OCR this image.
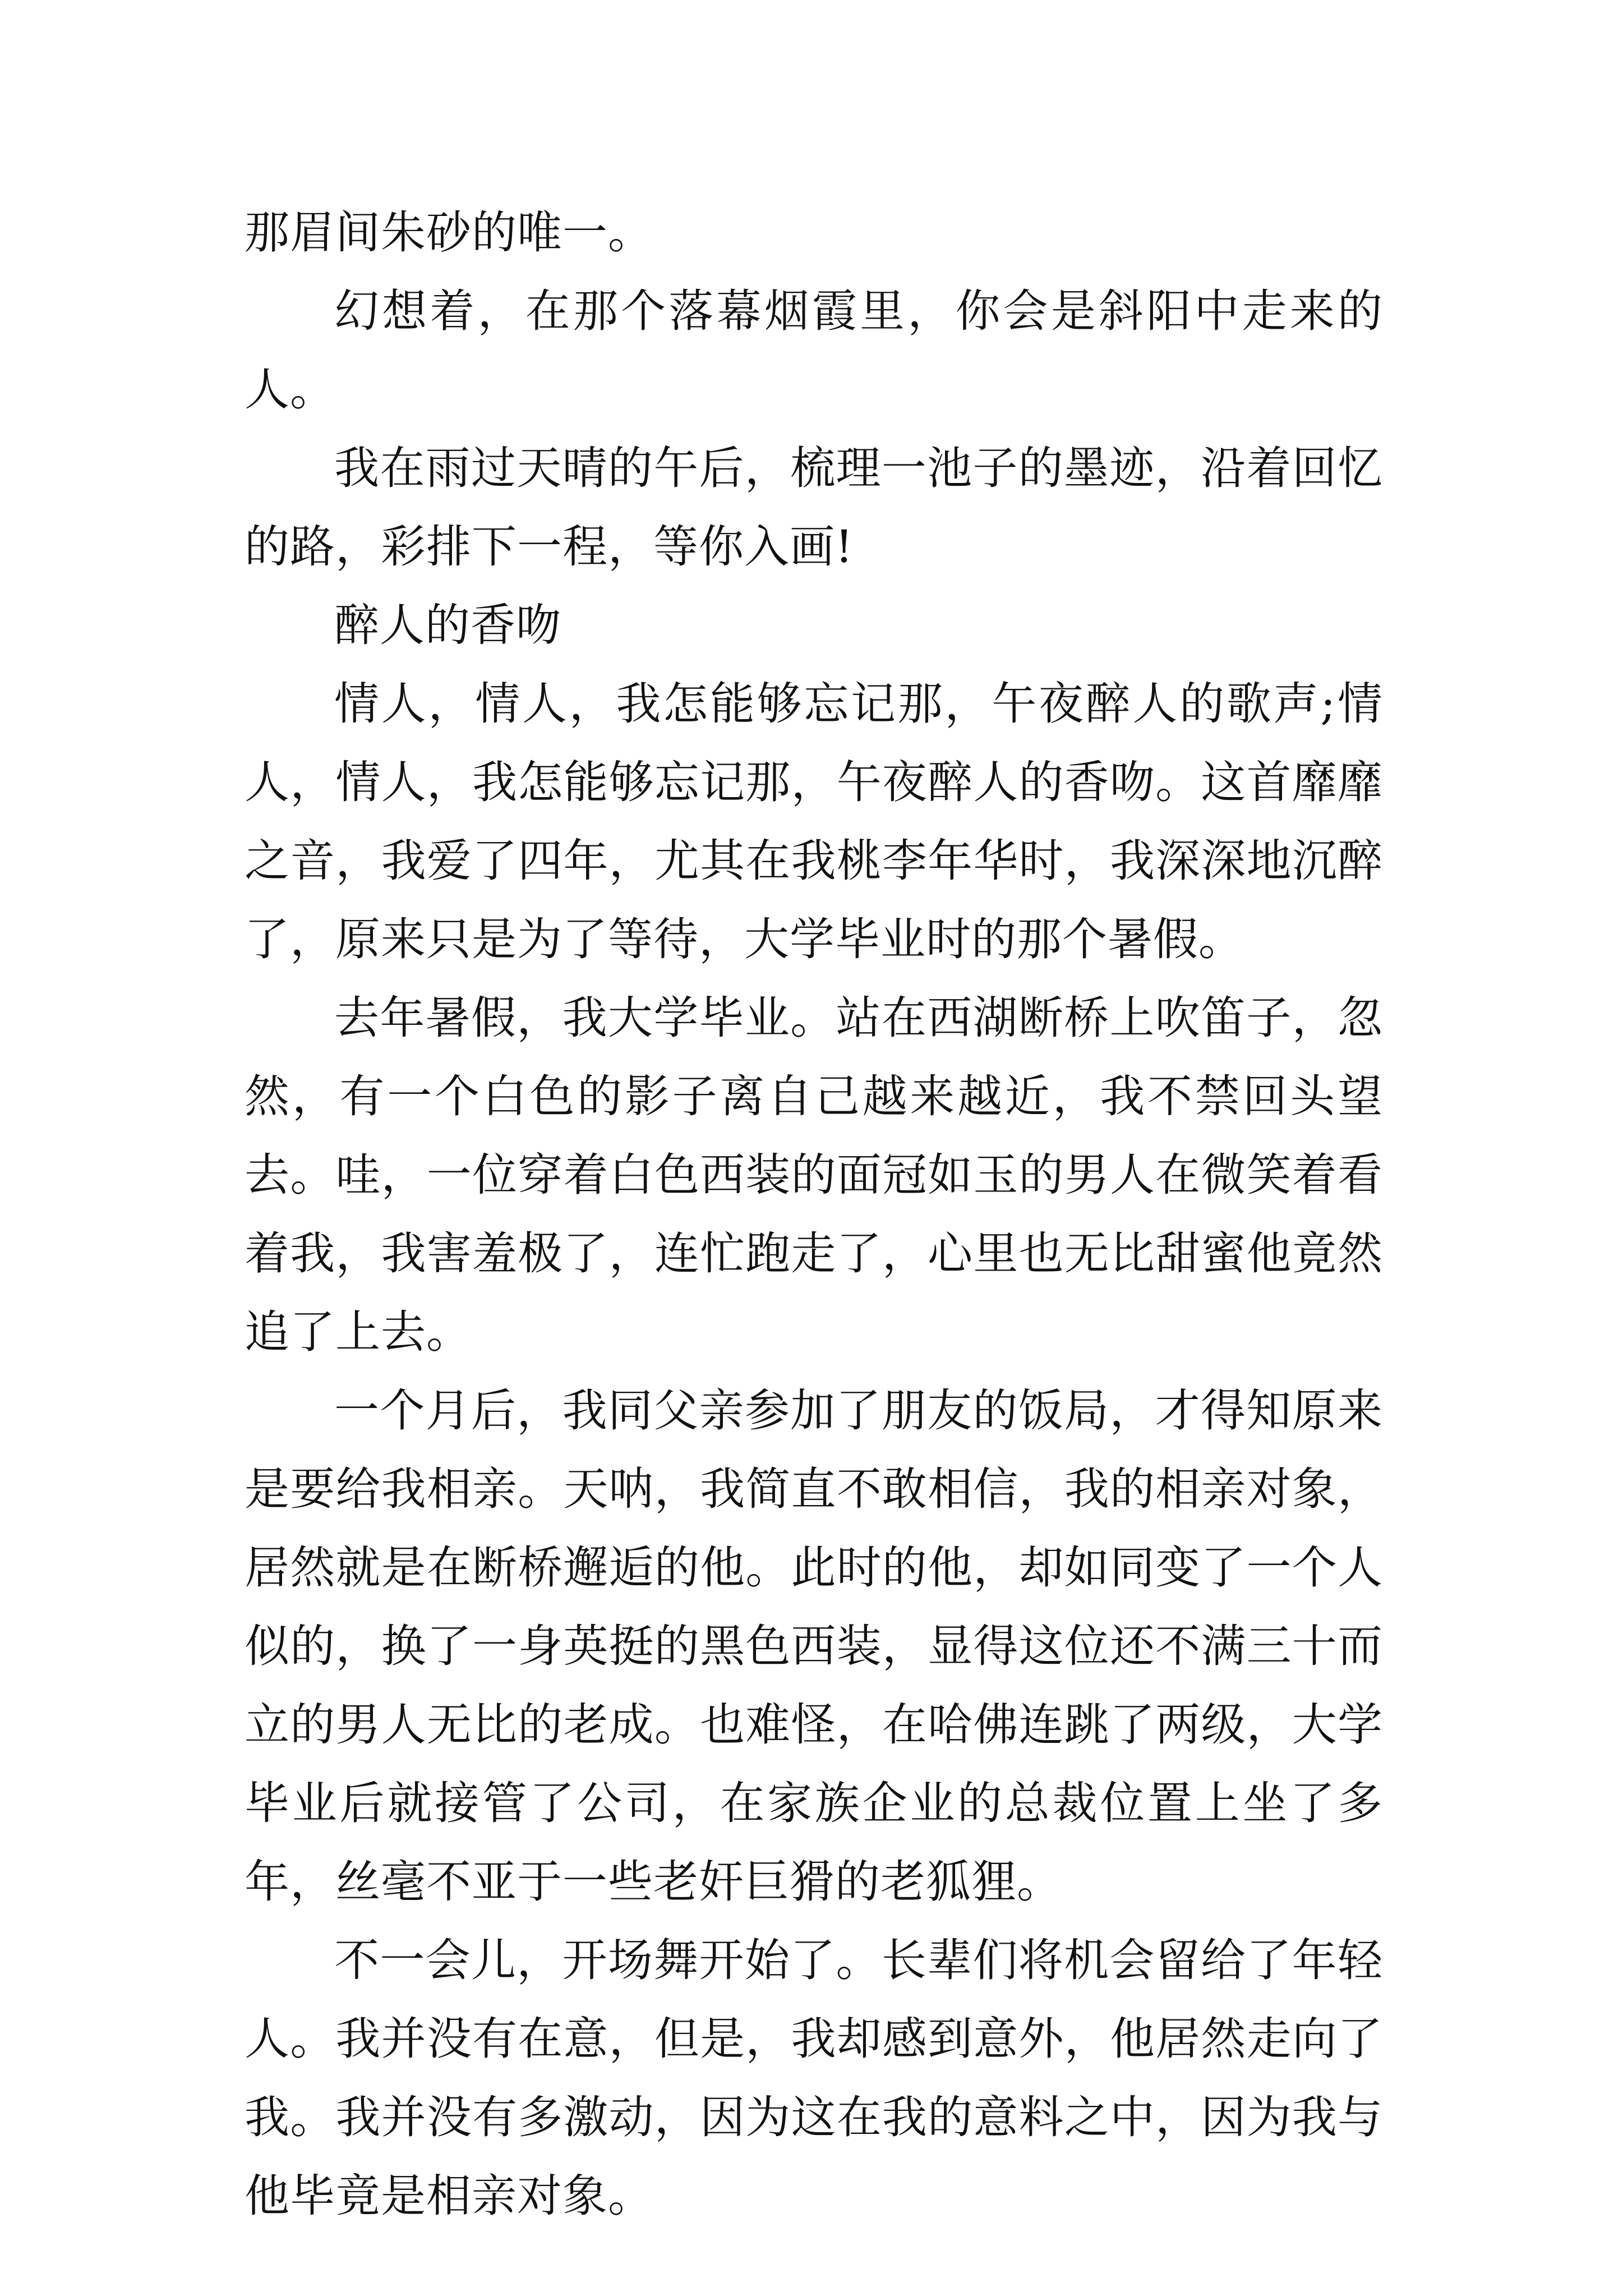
那眉间朱砂的唯一。

幻想着，在那个落幕烟霞里，你会是斜阳中走来的人。

我在雨过天晴的午后，梳理一池子的墨迹，沿着回忆的路，彩排下一程，等你入画!

醉人的香吻

情人，情人，我怎能够忘记那，午夜醉人的歌声;情人，情人，我怎能够忘记那，午夜醉人的香吻。这首靡靡之音，我爱了四年，尤其在我桃李年华时，我深深地沉醉了，原来只是为了等待，大学毕业时的那个暑假。

去年暑假，我大学毕业。站在西湖断桥上吹笛子，忽然，有一个白色的影子离自己越来越近，我不禁回头望去。哇，一位穿着白色西装的面冠如玉的男人在微笑着看着我，我害羞极了，连忙跑走了，心里也无比甜蜜他竟然追了上去。

一个月后，我同父亲参加了朋友的饭局，才得知原来是要给我相亲。天呐，我简直不敢相信，我的相亲对象，居然就是在断桥邂逅的他。此时的他，却如同变了一个人似的，换了一身英挺的黑色西装，显得这位还不满三十而立的男人无比的老成。也难怪，在哈佛连跳了两级，大学毕业后就接管了公司，在家族企业的总裁位置上坐了多年，丝毫不亚于一些老奸巨猾的老狐狸。

不一会儿，开场舞开始了。长辈们将机会留给了年轻人。我并没有在意，但是，我却感到意外，他居然走向了我。我并没有多激动，因为这在我的意料之中，因为我与他毕竟是相亲对象。
